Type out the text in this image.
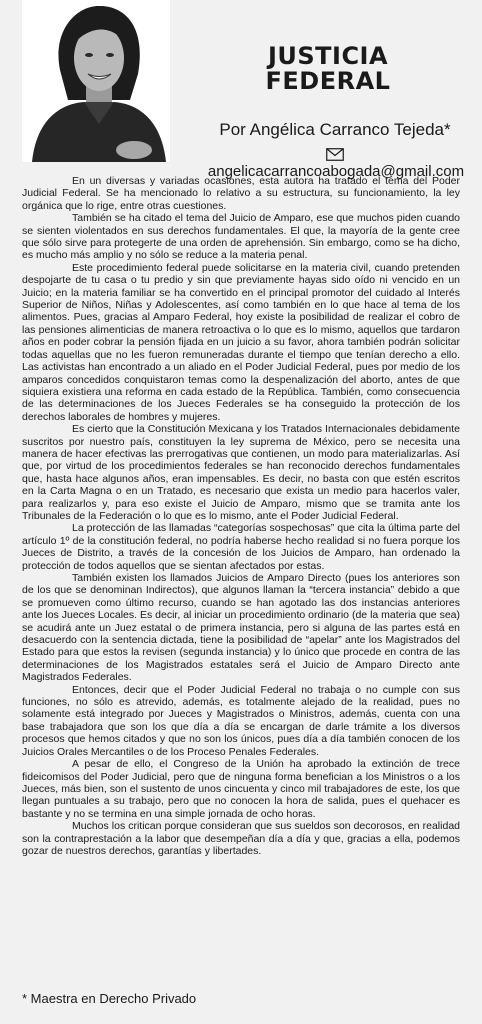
JUSTICIA
FEDERAL
Por Angélica Carranco Tejeda*
angelicacarrancoabogada@gmail.com

En un diversas y variadas ocasiones, esta autora ha tratado el tema del Poder Judicial Federal. Se ha mencionado lo relativo a su estructura, su funcionamiento, la ley orgánica que lo rige, entre otras cuestiones.

También se ha citado el tema del Juicio de Amparo, ese que muchos piden cuando se sienten violentados en sus derechos fundamentales. El que, la mayoría de la gente cree que sólo sirve para protegerte de una orden de aprehensión. Sin embargo, como se ha dicho, es mucho más amplio y no sólo se reduce a la materia penal.

Este procedimiento federal puede solicitarse en la materia civil, cuando pretenden despojarte de tu casa o tu predio y sin que previamente hayas sido oído ni vencido en un Juicio; en la materia familiar se ha convertido en el principal promotor del cuidado al Interés Superior de Niños, Niñas y Adolescentes, así como también en lo que hace al tema de los alimentos. Pues, gracias al Amparo Federal, hoy existe la posibilidad de realizar el cobro de las pensiones alimenticias de manera retroactiva o lo que es lo mismo, aquellos que tardaron años en poder cobrar la pensión fijada en un juicio a su favor, ahora también podrán solicitar todas aquellas que no les fueron remuneradas durante el tiempo que tenían derecho a ello. Las activistas han encontrado a un aliado en el Poder Judicial Federal, pues por medio de los amparos concedidos conquistaron temas como la despenalización del aborto, antes de que siquiera existiera una reforma en cada estado de la República. También, como consecuencia de las determinaciones de los Jueces Federales se ha conseguido la protección de los derechos laborales de hombres y mujeres.

Es cierto que la Constitución Mexicana y los Tratados Internacionales debidamente suscritos por nuestro país, constituyen la ley suprema de México, pero se necesita una manera de hacer efectivas las prerrogativas que contienen, un modo para materializarlas. Así que, por virtud de los procedimientos federales se han reconocido derechos fundamentales que, hasta hace algunos años, eran impensables. Es decir, no basta con que estén escritos en la Carta Magna o en un Tratado, es necesario que exista un medio para hacerlos valer, para realizarlos y, para eso existe el Juicio de Amparo, mismo que se tramita ante los Tribunales de la Federación o lo que es lo mismo, ante el Poder Judicial Federal.

La protección de las llamadas “categorías sospechosas” que cita la última parte del artículo 1º de la constitución federal, no podría haberse hecho realidad si no fuera porque los Jueces de Distrito, a través de la concesión de los Juicios de Amparo, han ordenado la protección de todos aquellos que se sientan afectados por estas.

También existen los llamados Juicios de Amparo Directo (pues los anteriores son de los que se denominan Indirectos), que algunos llaman la “tercera instancia” debido a que se promueven como último recurso, cuando se han agotado las dos instancias anteriores ante los Jueces Locales. Es decir, al iniciar un procedimiento ordinario (de la materia que sea) se acudirá ante un Juez estatal o de primera instancia, pero si alguna de las partes está en desacuerdo con la sentencia dictada, tiene la posibilidad de “apelar” ante los Magistrados del Estado para que estos la revisen (segunda instancia) y lo único que procede en contra de las determinaciones de los Magistrados estatales será el Juicio de Amparo Directo ante Magistrados Federales.

Entonces, decir que el Poder Judicial Federal no trabaja o no cumple con sus funciones, no sólo es atrevido, además, es totalmente alejado de la realidad, pues no solamente está integrado por Jueces y Magistrados o Ministros, además, cuenta con una base trabajadora que son los que día a día se encargan de darle trámite a los diversos procesos que hemos citados y que no son los únicos, pues día a día también conocen de los Juicios Orales Mercantiles o de los Proceso Penales Federales.

A pesar de ello, el Congreso de la Unión ha aprobado la extinción de trece fideicomisos del Poder Judicial, pero que de ninguna forma benefician a los Ministros o a los Jueces, más bien, son el sustento de unos cincuenta y cinco mil trabajadores de este, los que llegan puntuales a su trabajo, pero que no conocen la hora de salida, pues el quehacer es bastante y no se termina en una simple jornada de ocho horas.

Muchos los critican porque consideran que sus sueldos son decorosos, en realidad son la contraprestación a la labor que desempeñan día a día y que, gracias a ella, podemos gozar de nuestros derechos, garantías y libertades.

* Maestra en Derecho Privado
